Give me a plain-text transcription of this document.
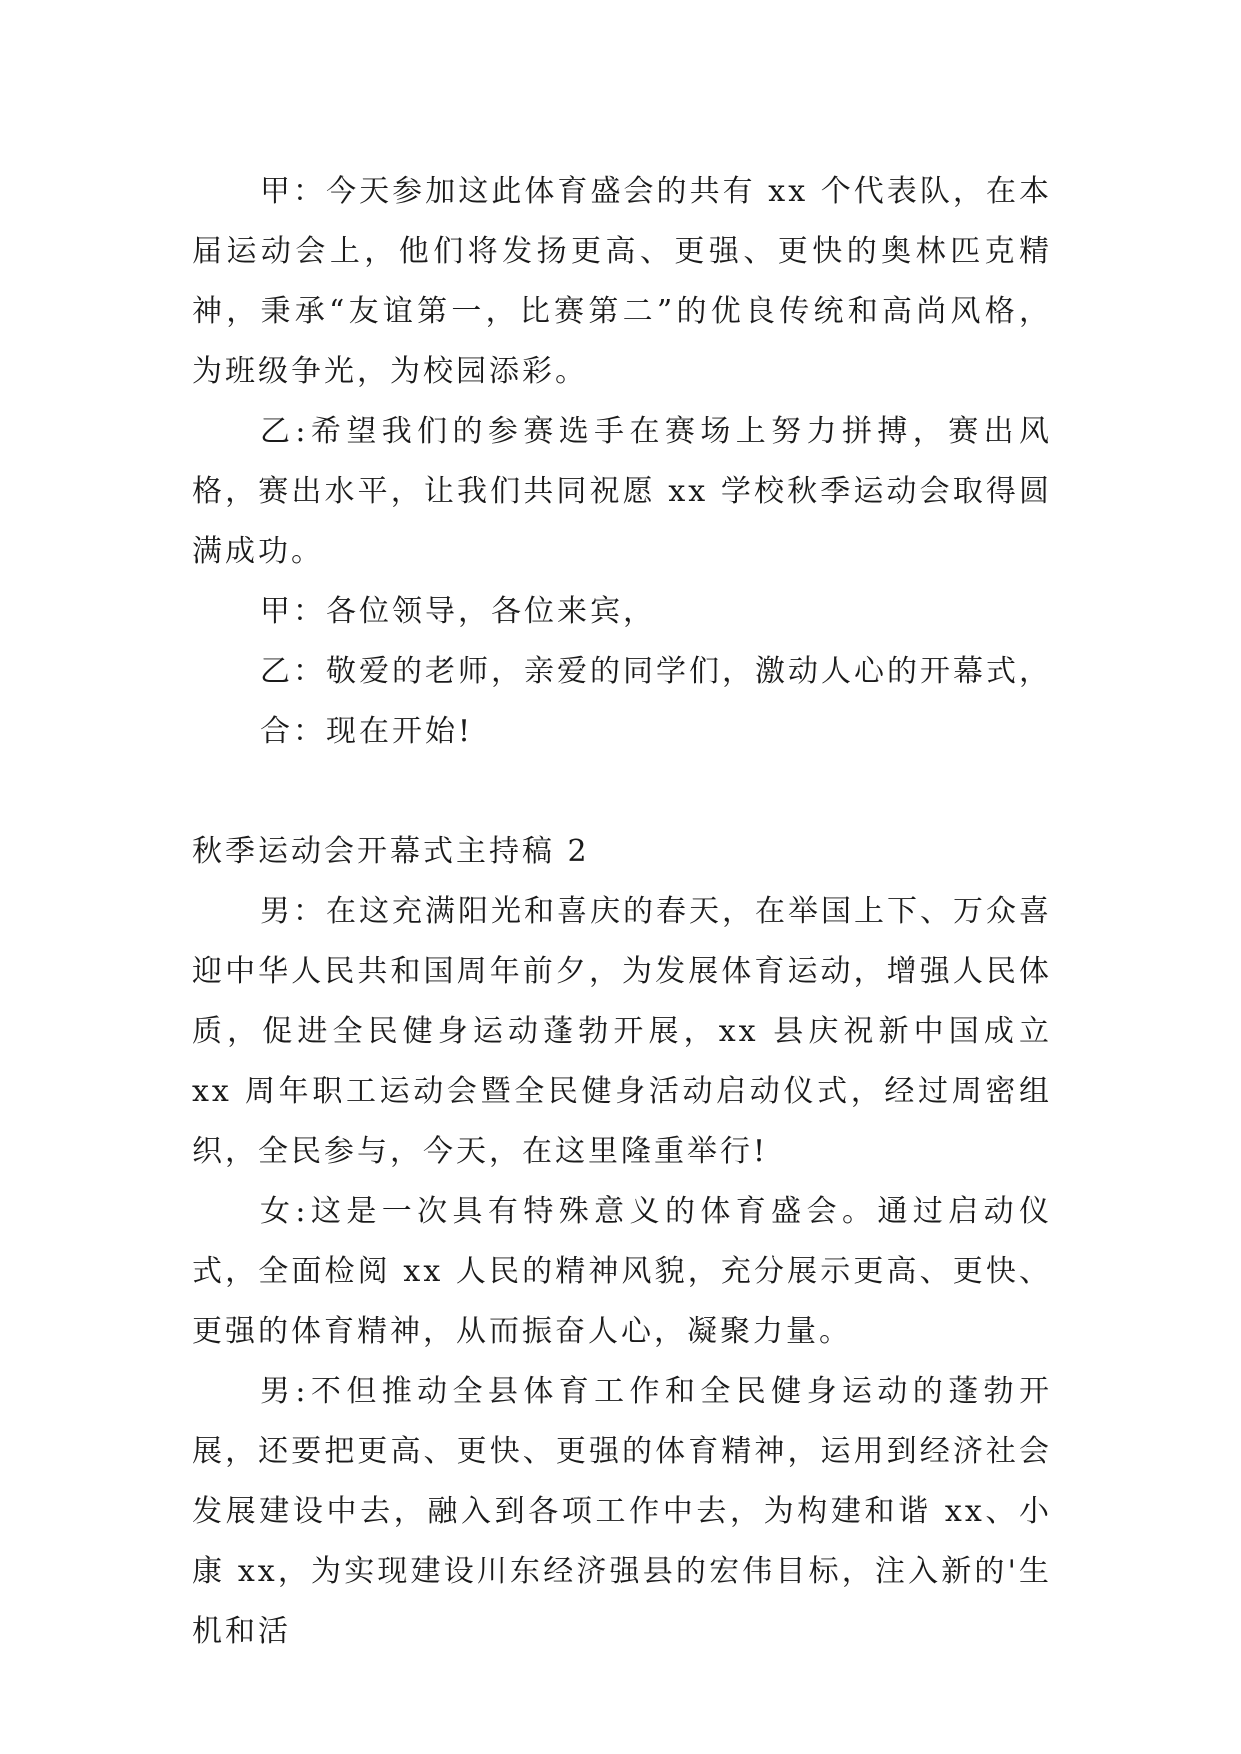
甲：今天参加这此体育盛会的共有 xx 个代表队，在本届运动会上，他们将发扬更高、更强、更快的奥林匹克精神，秉承“友谊第一，比赛第二”的优良传统和高尚风格，为班级争光，为校园添彩。

乙:希望我们的参赛选手在赛场上努力拼搏，赛出风格，赛出水平，让我们共同祝愿 xx 学校秋季运动会取得圆满成功。

甲：各位领导，各位来宾，

乙：敬爱的老师，亲爱的同学们，激动人心的开幕式，

合：现在开始!

秋季运动会开幕式主持稿 2

男：在这充满阳光和喜庆的春天，在举国上下、万众喜迎中华人民共和国周年前夕，为发展体育运动，增强人民体质，促进全民健身运动蓬勃开展，xx 县庆祝新中国成立 xx 周年职工运动会暨全民健身活动启动仪式，经过周密组织，全民参与，今天，在这里隆重举行!

女:这是一次具有特殊意义的体育盛会。通过启动仪式，全面检阅 xx 人民的精神风貌，充分展示更高、更快、更强的体育精神，从而振奋人心，凝聚力量。

男:不但推动全县体育工作和全民健身运动的蓬勃开展，还要把更高、更快、更强的体育精神，运用到经济社会发展建设中去，融入到各项工作中去，为构建和谐 xx、小康 xx，为实现建设川东经济强县的宏伟目标，注入新的'生机和活
